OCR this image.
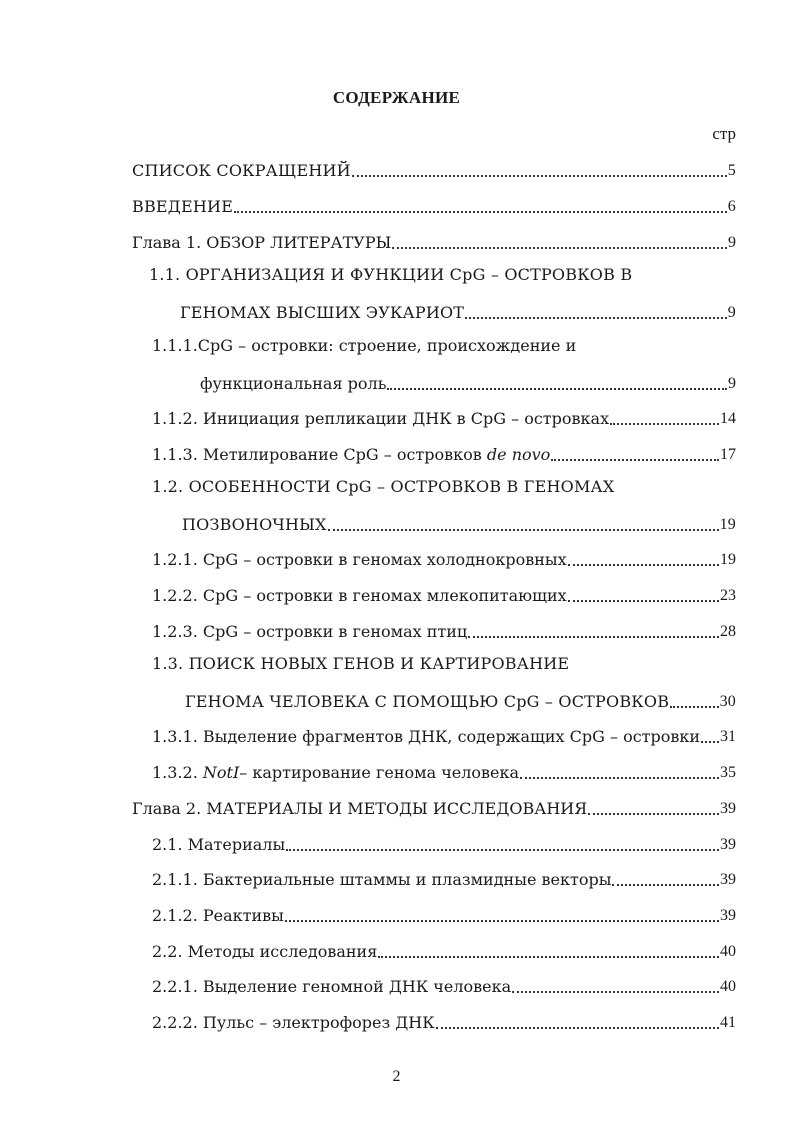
СОДЕРЖАНИЕ
стр
СПИСОК СОКРАЩЕНИЙ	5
ВВЕДЕНИЕ	6
Глава 1. ОБЗОР ЛИТЕРАТУРЫ	9
1.1. ОРГАНИЗАЦИЯ И ФУНКЦИИ CpG – ОСТРОВКОВ В
ГЕНОМАХ ВЫСШИХ ЭУКАРИОТ	9
1.1.1.CpG – островки: строение, происхождение и
функциональная роль	9
1.1.2. Инициация репликации ДНК в CpG – островках	14
1.1.3. Метилирование CpG – островков de novo	17
1.2. ОСОБЕННОСТИ CpG – ОСТРОВКОВ В ГЕНОМАХ
ПОЗВОНОЧНЫХ	19
1.2.1. CpG – островки в геномах холоднокровных	19
1.2.2. CpG – островки в геномах млекопитающих	23
1.2.3. CpG – островки в геномах птиц	28
1.3. ПОИСК НОВЫХ ГЕНОВ И КАРТИРОВАНИЕ
ГЕНОМА ЧЕЛОВЕКА С ПОМОЩЬЮ CpG – ОСТРОВКОВ	30
1.3.1. Выделение фрагментов ДНК, содержащих CpG – островки 31
1.3.2. NotI– картирование генома человека	35
Глава 2. МАТЕРИАЛЫ И МЕТОДЫ ИССЛЕДОВАНИЯ	39
2.1. Материалы	39
2.1.1. Бактериальные штаммы и плазмидные векторы	39
2.1.2. Реактивы	39
2.2. Методы исследования	40
2.2.1. Выделение геномной ДНК человека	40
2.2.2. Пульс – электрофорез ДНК	41
2
